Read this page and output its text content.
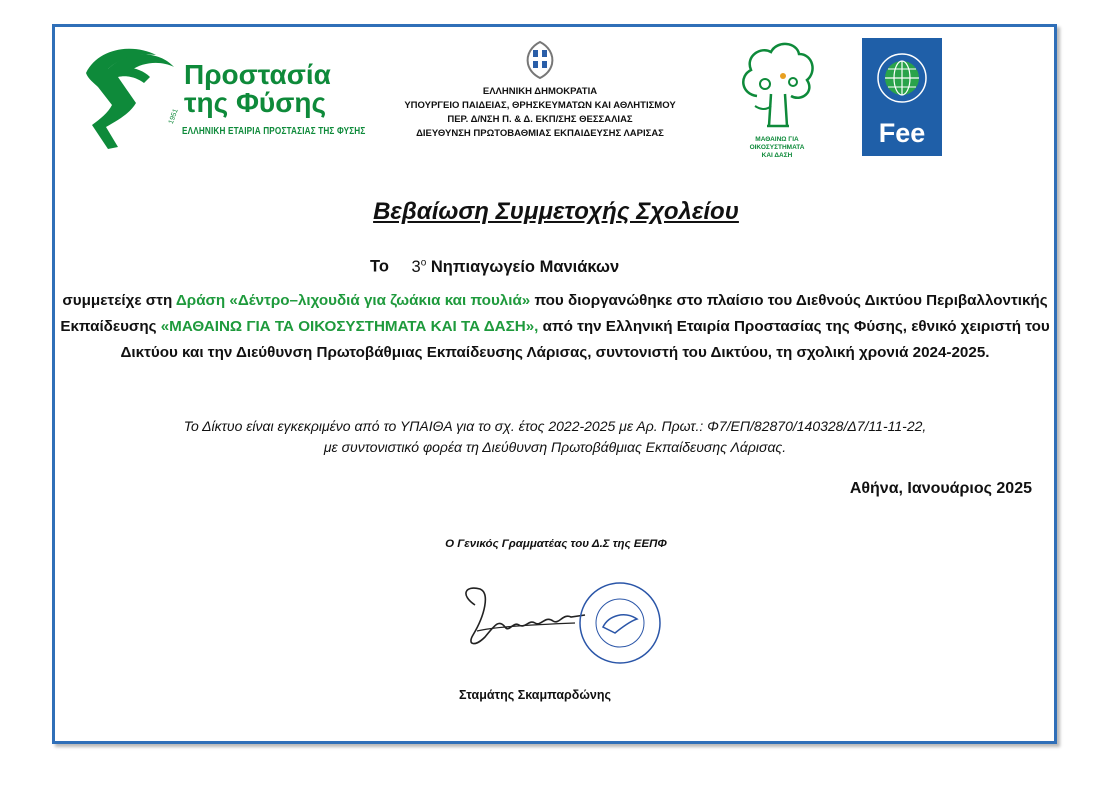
Προστασία
της Φύσης
1951
ΕΛΛΗΝΙΚΗ ΕΤΑΙΡΙΑ ΠΡΟΣΤΑΣΙΑΣ ΤΗΣ ΦΥΣΗΣ
ΕΛΛΗΝΙΚΗ ΔΗΜΟΚΡΑΤΙΑ
ΥΠΟΥΡΓΕΙΟ ΠΑΙΔΕΙΑΣ, ΘΡΗΣΚΕΥΜΑΤΩΝ ΚΑΙ ΑΘΛΗΤΙΣΜΟΥ
ΠΕΡ. Δ/ΝΣΗ Π. & Δ. ΕΚΠ/ΣΗΣ ΘΕΣΣΑΛΙΑΣ
ΔΙΕΥΘΥΝΣΗ ΠΡΩΤΟΒΑΘΜΙΑΣ ΕΚΠΑΙΔΕΥΣΗΣ ΛΑΡΙΣΑΣ
ΜΑΘΑΙΝΩ ΓΙΑ
ΟΙΚΟΣΥΣΤΗΜΑΤΑ
ΚΑΙ ΔΑΣΗ
Fee
Βεβαίωση Συμμετοχής Σχολείου
Το $3^o$ Νηπιαγωγείο Μανιάκων
συμμετείχε στη Δράση «Δέντρο–λιχουδιά για ζωάκια και πουλιά» που διοργανώθηκε στο πλαίσιο του Διεθνούς Δικτύου Περιβαλλοντικής Εκπαίδευσης «ΜΑΘΑΙΝΩ ΓΙΑ ΤΑ ΟΙΚΟΣΥΣΤΗΜΑΤΑ ΚΑΙ ΤΑ ΔΑΣΗ», από την Ελληνική Εταιρία Προστασίας της Φύσης, εθνικό χειριστή του Δικτύου και την Διεύθυνση Πρωτοβάθμιας Εκπαίδευσης Λάρισας, συντονιστή του Δικτύου, τη σχολική χρονιά 2024-2025.
Το Δίκτυο είναι εγκεκριμένο από το ΥΠΑΙΘΑ για το σχ. έτος 2022-2025 με Αρ. Πρωτ.: Φ7/ΕΠ/82870/140328/Δ7/11-11-22,
με συντονιστικό φορέα τη Διεύθυνση Πρωτοβάθμιας Εκπαίδευσης Λάρισας.
Αθήνα, Ιανουάριος 2025
Ο Γενικός Γραμματέας του Δ.Σ της ΕΕΠΦ
Σταμάτης Σκαμπαρδώνης
